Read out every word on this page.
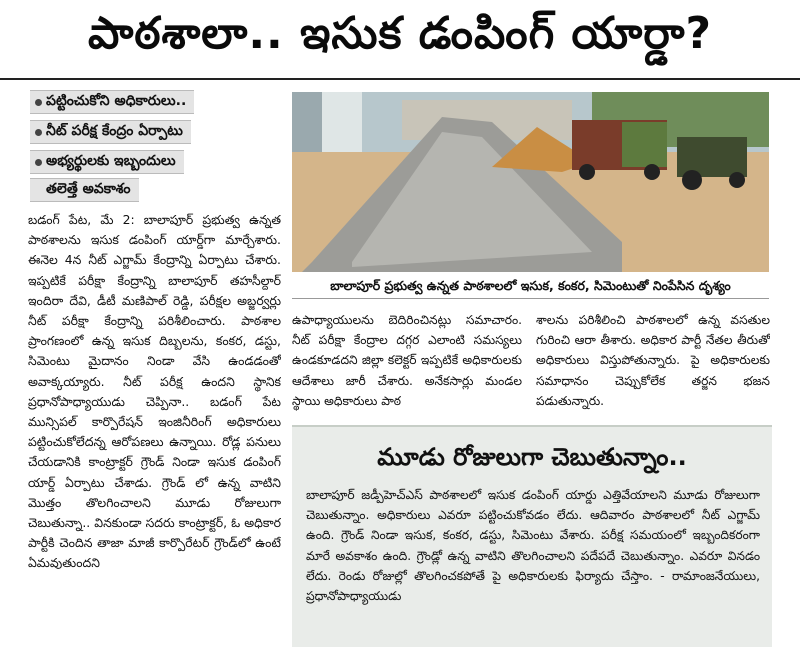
పాఠశాలా.. ఇసుక డంపింగ్ యార్డా?
పట్టించుకోని అధికారులు..
నీట్ పరీక్ష కేంద్రం ఏర్పాటు
అభ్యర్థులకు ఇబ్బందులు
తలెత్తే అవకాశం
బడంగ్ పేట, మే 2: బాలాపూర్ ప్రభుత్వ ఉన్నత పాఠశాలను ఇసుక డంపింగ్ యార్డ్‌గా మార్చేశారు. ఈనెల 4న నీట్ ఎగ్జామ్ కేంద్రాన్ని ఏర్పాటు చేశారు. ఇప్పటికే పరీక్షా కేంద్రాన్ని బాలాపూర్ తహసీల్దార్ ఇందిరా దేవి, డీటీ మణిపాల్ రెడ్డి, పరీక్షల అబ్జర్వర్లు నీట్ పరీక్షా కేంద్రాన్ని పరిశీలించారు. పాఠశాల ప్రాంగణంలో ఉన్న ఇసుక దిబ్బలను, కంకర, డస్టు, సిమెంటు మైదానం నిండా వేసి ఉండడంతో అవాక్కయ్యారు. నీట్ పరీక్ష ఉందని స్థానిక ప్రధానోపాధ్యాయుడు చెప్పినా.. బడంగ్ పేట మున్సిపల్ కార్పొరేషన్ ఇంజినీరింగ్ అధికారులు పట్టించుకోలేదన్న ఆరోపణలు ఉన్నాయి. రోడ్ల పనులు చేయడానికి కాంట్రాక్టర్ గ్రౌండ్ నిండా ఇసుక డంపింగ్ యార్డ్ ఏర్పాటు చేశాడు. గ్రౌండ్ లో ఉన్న వాటిని మొత్తం తొలగించాలని మూడు రోజులుగా చెబుతున్నా.. వినకుండా సదరు కాంట్రాక్టర్, ఓ అధికార పార్టీకి చెందిన తాజా మాజీ కార్పొరేటర్ గ్రౌండ్‌లో ఉంటే ఏమవుతుందని
బాలాపూర్ ప్రభుత్వ ఉన్నత పాఠశాలలో ఇసుక, కంకర, సిమెంటుతో నింపేసిన దృశ్యం
ఉపాధ్యాయులను బెదిరించినట్లు సమాచారం. నీట్ పరీక్షా కేంద్రాల దగ్గర ఎలాంటి సమస్యలు ఉండకూడదని జిల్లా కలెక్టర్ ఇప్పటికే అధికారులకు ఆదేశాలు జారీ చేశారు. అనేకసార్లు మండల స్థాయి అధికారులు పాఠ
శాలను పరిశీలించి పాఠశాలలో ఉన్న వసతుల గురించి ఆరా తీశారు. అధికార పార్టీ నేతల తీరుతో అధికారులు విస్తుపోతున్నారు. పై అధికారులకు సమాధానం చెప్పుకోలేక తర్జన భజన పడుతున్నారు.
మూడు రోజులుగా చెబుతున్నాం..
బాలాపూర్ జడ్పీహెచ్ఎస్ పాఠశాలలో ఇసుక డంపింగ్ యార్డు ఎత్తివేయాలని మూడు రోజులుగా చెబుతున్నాం. అధికారులు ఎవరూ పట్టించుకోవడం లేదు. ఆదివారం పాఠశాలలో నీట్ ఎగ్జామ్ ఉంది. గ్రౌండ్ నిండా ఇసుక, కంకర, డస్టు, సిమెంటు వేశారు. పరీక్ష సమయంలో ఇబ్బందికరంగా మారే అవకాశం ఉంది. గ్రౌండ్లో ఉన్న వాటిని తొలగించాలని పదేపదే చెబుతున్నాం. ఎవరూ వినడం లేదు. రెండు రోజుల్లో తొలగించకపోతే పై అధికారులకు ఫిర్యాదు చేస్తాం. - రామాంజనేయులు, ప్రధానోపాధ్యాయుడు
